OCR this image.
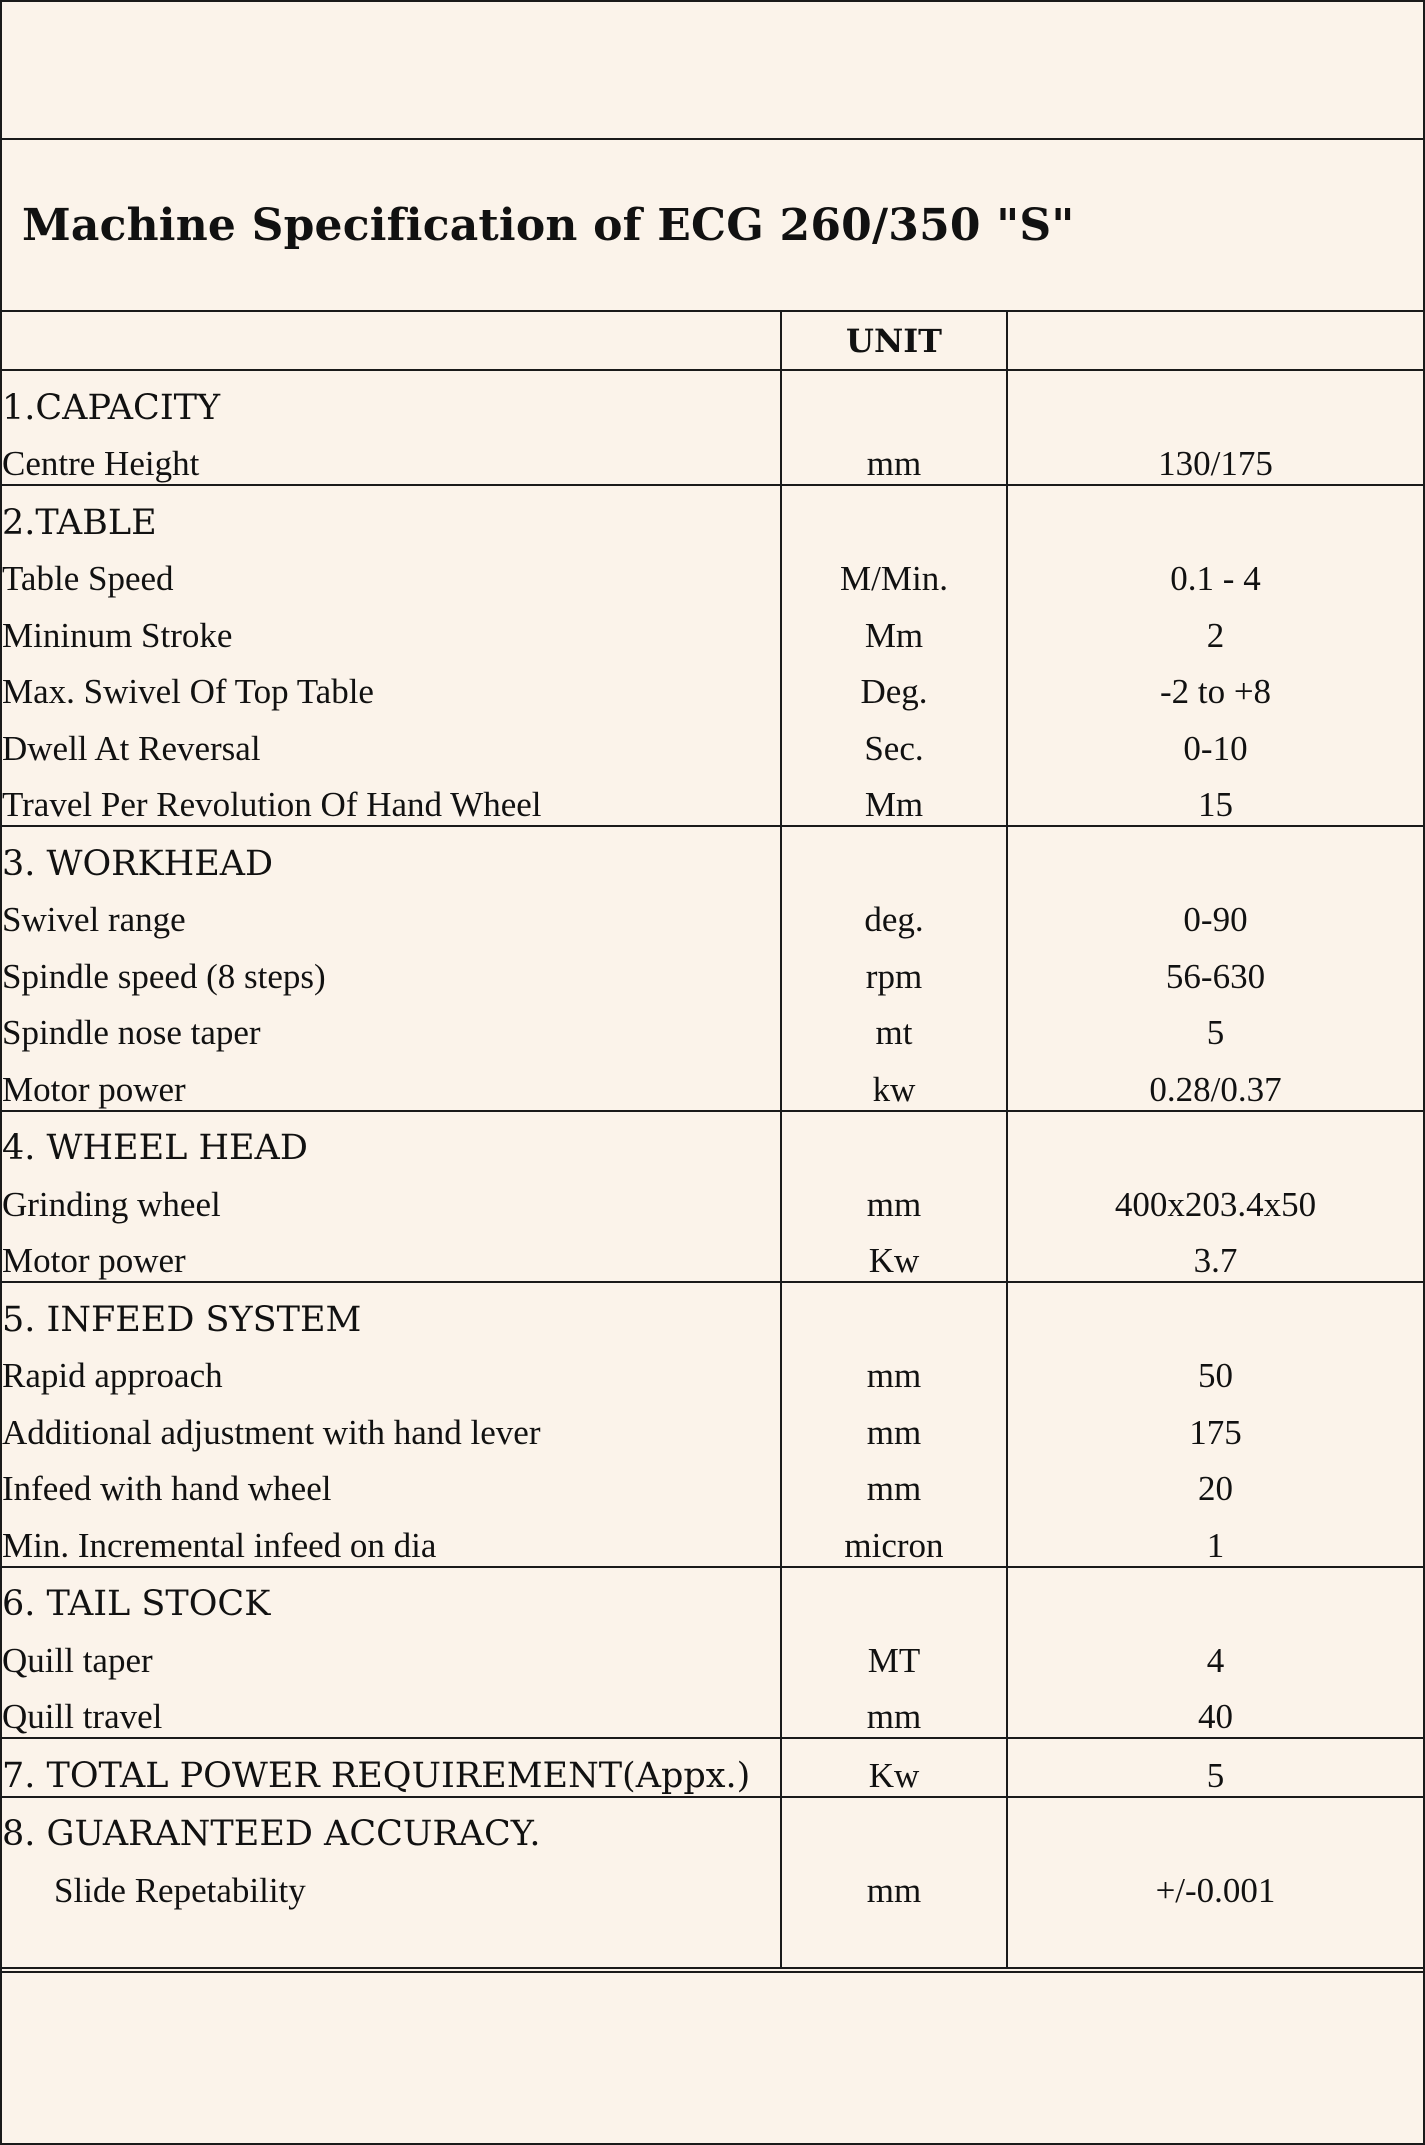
Machine Specification of ECG 260/350 "S"
	UNIT	
1.CAPACITY		
Centre Height	mm	130/175
2.TABLE		
Table Speed	M/Min.	0.1 - 4
Mininum Stroke	Mm	2
Max. Swivel Of Top Table	Deg.	-2 to +8
Dwell At Reversal	Sec.	0-10
Travel Per Revolution Of Hand Wheel	Mm	15
3. WORKHEAD		
Swivel range	deg.	0-90
Spindle speed (8 steps)	rpm	56-630
Spindle nose taper	mt	5
Motor power	kw	0.28/0.37
4. WHEEL HEAD		
Grinding wheel	mm	400x203.4x50
Motor power	Kw	3.7
5. INFEED SYSTEM		
Rapid approach	mm	50
Additional adjustment with hand lever	mm	175
Infeed with hand wheel	mm	20
Min. Incremental infeed on dia	micron	1
6. TAIL STOCK		
Quill taper	MT	4
Quill travel	mm	40
7. TOTAL POWER REQUIREMENT(Appx.)	Kw	5
8. GUARANTEED ACCURACY.		
Slide Repetability	mm	+/-0.001
